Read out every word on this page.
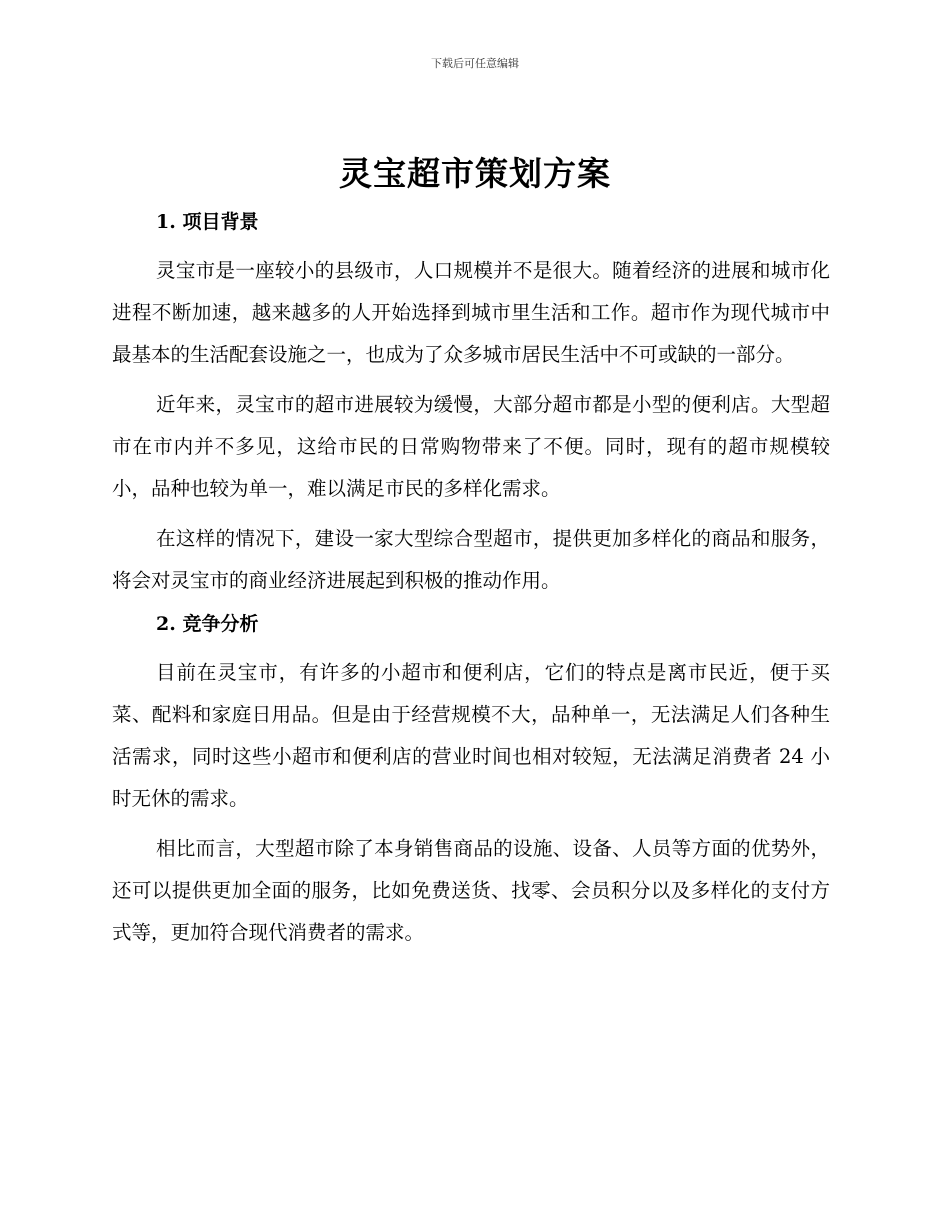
下载后可任意编辑
灵宝超市策划方案
1. 项目背景

灵宝市是一座较小的县级市，人口规模并不是很大。随着经济的进展和城市化进程不断加速，越来越多的人开始选择到城市里生活和工作。超市作为现代城市中最基本的生活配套设施之一，也成为了众多城市居民生活中不可或缺的一部分。

近年来，灵宝市的超市进展较为缓慢，大部分超市都是小型的便利店。大型超市在市内并不多见，这给市民的日常购物带来了不便。同时，现有的超市规模较小，品种也较为单一，难以满足市民的多样化需求。

在这样的情况下，建设一家大型综合型超市，提供更加多样化的商品和服务，将会对灵宝市的商业经济进展起到积极的推动作用。

2. 竞争分析

目前在灵宝市，有许多的小超市和便利店，它们的特点是离市民近，便于买菜、配料和家庭日用品。但是由于经营规模不大，品种单一，无法满足人们各种生活需求，同时这些小超市和便利店的营业时间也相对较短，无法满足消费者 24 小时无休的需求。

相比而言，大型超市除了本身销售商品的设施、设备、人员等方面的优势外，还可以提供更加全面的服务，比如免费送货、找零、会员积分以及多样化的支付方式等，更加符合现代消费者的需求。
